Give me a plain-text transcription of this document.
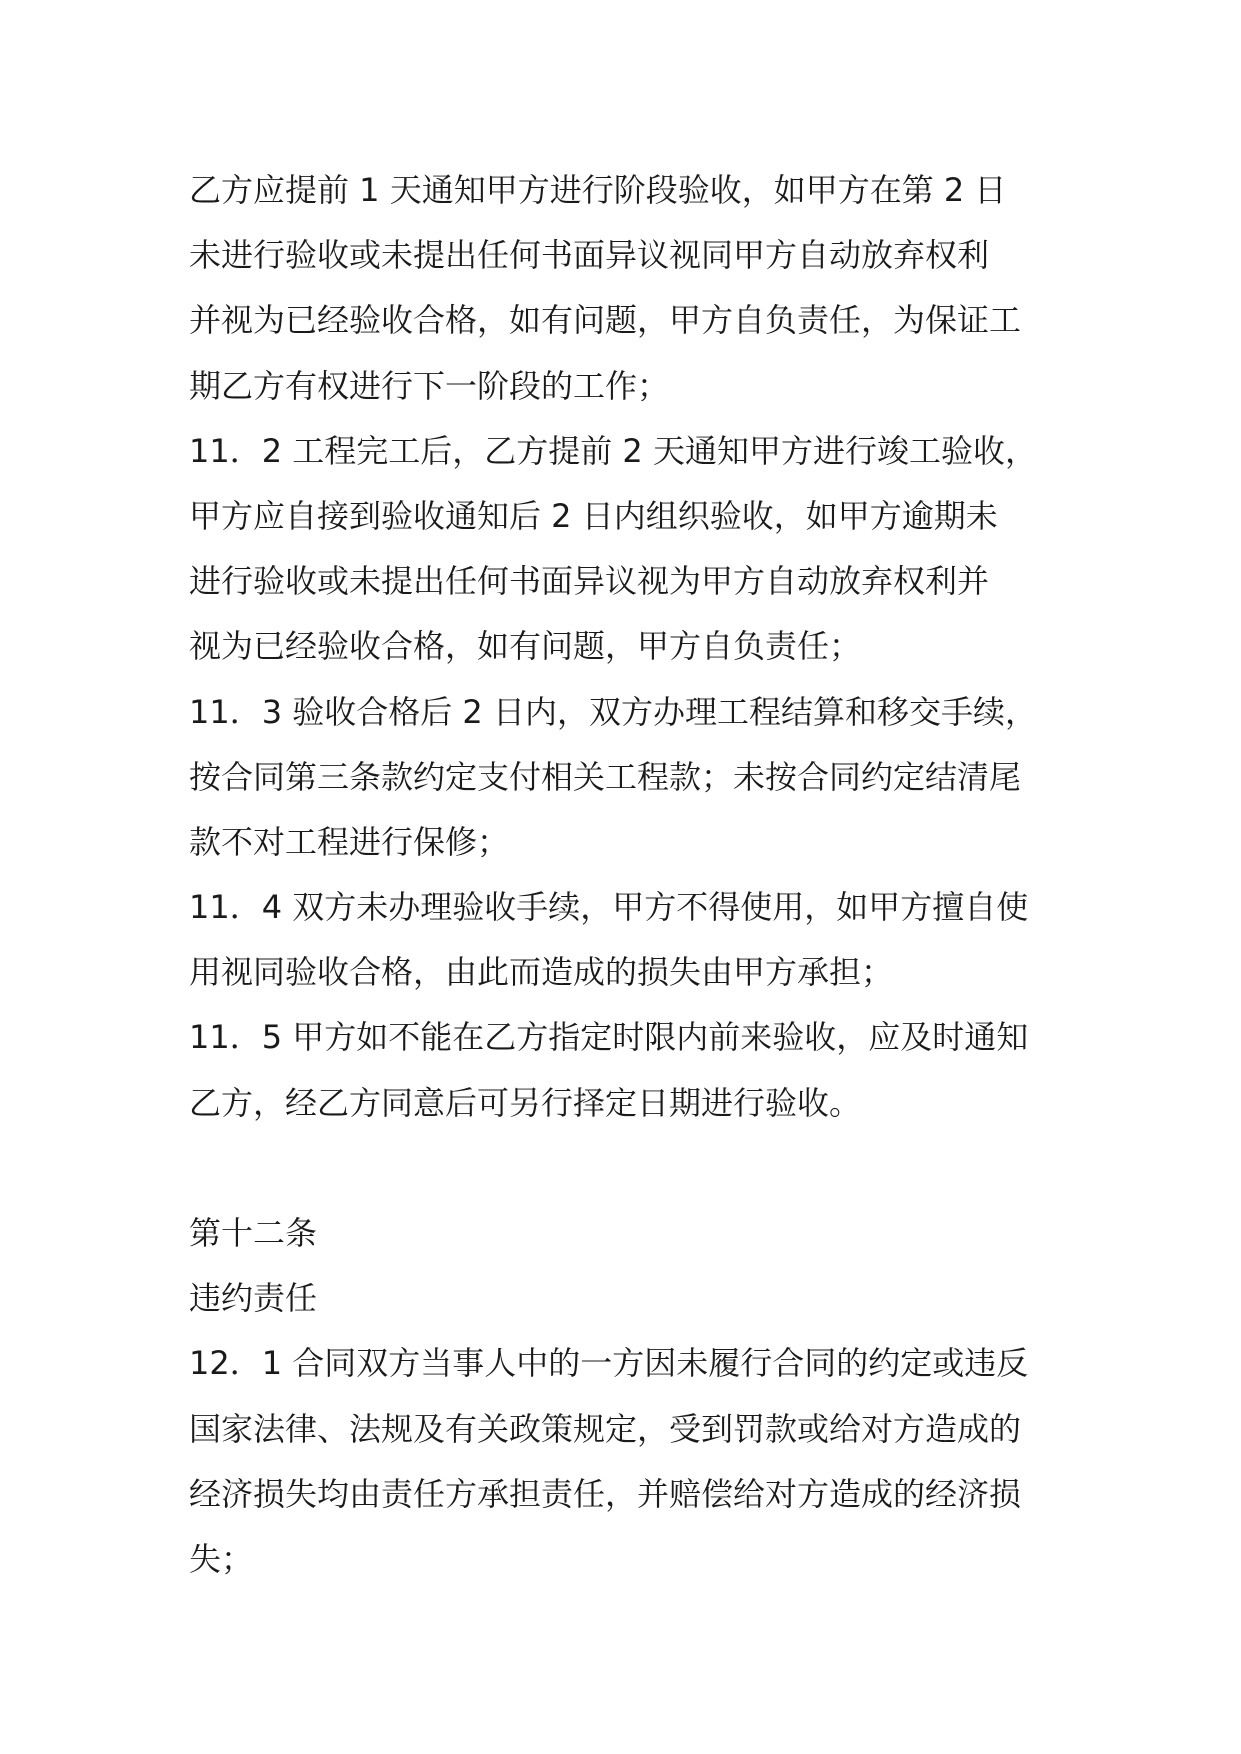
乙方应提前 1 天通知甲方进行阶段验收，如甲方在第 2 日
未进行验收或未提出任何书面异议视同甲方自动放弃权利
并视为已经验收合格，如有问题，甲方自负责任，为保证工
期乙方有权进行下一阶段的工作；
11．2 工程完工后，乙方提前 2 天通知甲方进行竣工验收，
甲方应自接到验收通知后 2 日内组织验收，如甲方逾期未
进行验收或未提出任何书面异议视为甲方自动放弃权利并
视为已经验收合格，如有问题，甲方自负责任；
11．3 验收合格后 2 日内，双方办理工程结算和移交手续，
按合同第三条款约定支付相关工程款；未按合同约定结清尾
款不对工程进行保修；
11．4 双方未办理验收手续，甲方不得使用，如甲方擅自使
用视同验收合格，由此而造成的损失由甲方承担；
11．5 甲方如不能在乙方指定时限内前来验收，应及时通知
乙方，经乙方同意后可另行择定日期进行验收。
第十二条
违约责任
12．1 合同双方当事人中的一方因未履行合同的约定或违反
国家法律、法规及有关政策规定，受到罚款或给对方造成的
经济损失均由责任方承担责任，并赔偿给对方造成的经济损
失；
